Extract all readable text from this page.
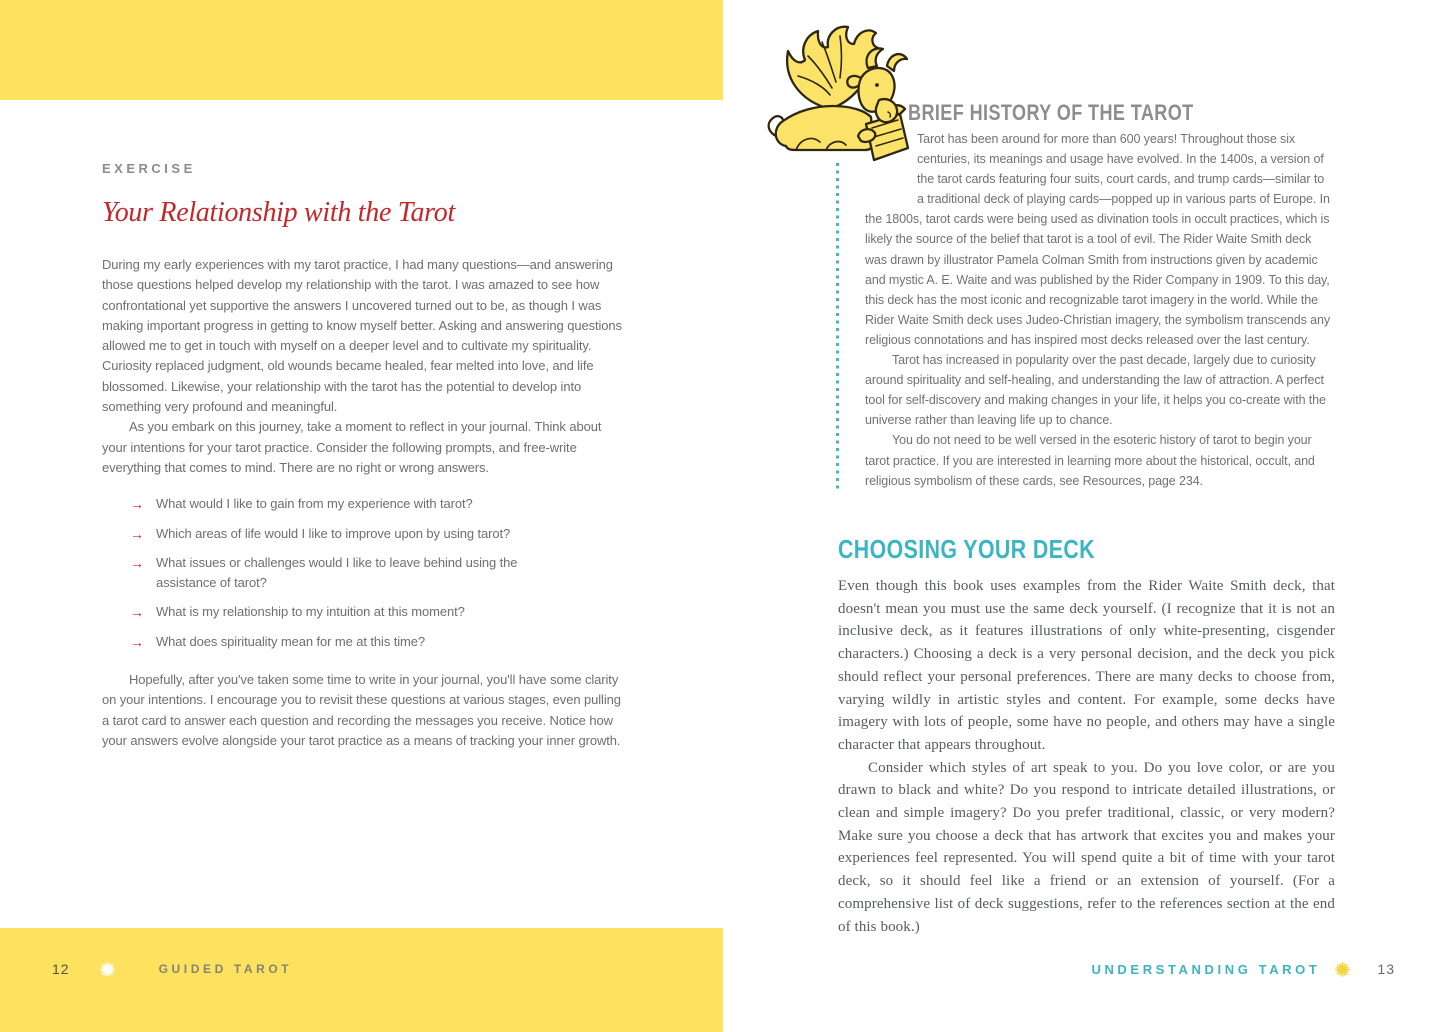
EXERCISE
Your Relationship with the Tarot

During my early experiences with my tarot practice, I had many questions—and answering those questions helped develop my relationship with the tarot. I was amazed to see how confrontational yet supportive the answers I uncovered turned out to be, as though I was making important progress in getting to know myself better. Asking and answering questions allowed me to get in touch with myself on a deeper level and to cultivate my spirituality. Curiosity replaced judgment, old wounds became healed, fear melted into love, and life blossomed. Likewise, your relationship with the tarot has the potential to develop into something very profound and meaningful.

As you embark on this journey, take a moment to reflect in your journal. Think about your intentions for your tarot practice. Consider the following prompts, and free-write everything that comes to mind. There are no right or wrong answers.

→ What would I like to gain from my experience with tarot?
→ Which areas of life would I like to improve upon by using tarot?
→ What issues or challenges would I like to leave behind using the assistance of tarot?
→ What is my relationship to my intuition at this moment?
→ What does spirituality mean for me at this time?

Hopefully, after you've taken some time to write in your journal, you'll have some clarity on your intentions. I encourage you to revisit these questions at various stages, even pulling a tarot card to answer each question and recording the messages you receive. Notice how your answers evolve alongside your tarot practice as a means of tracking your inner growth.

12	GUIDED TAROT
BRIEF HISTORY OF THE TAROT

Tarot has been around for more than 600 years! Throughout those six centuries, its meanings and usage have evolved. In the 1400s, a version of the tarot cards featuring four suits, court cards, and trump cards—similar to a traditional deck of playing cards—popped up in various parts of Europe. In the 1800s, tarot cards were being used as divination tools in occult practices, which is likely the source of the belief that tarot is a tool of evil. The Rider Waite Smith deck was drawn by illustrator Pamela Colman Smith from instructions given by academic and mystic A. E. Waite and was published by the Rider Company in 1909. To this day, this deck has the most iconic and recognizable tarot imagery in the world. While the Rider Waite Smith deck uses Judeo-Christian imagery, the symbolism transcends any religious connotations and has inspired most decks released over the last century.

Tarot has increased in popularity over the past decade, largely due to curiosity around spirituality and self-healing, and understanding the law of attraction. A perfect tool for self-discovery and making changes in your life, it helps you co-create with the universe rather than leaving life up to chance.

You do not need to be well versed in the esoteric history of tarot to begin your tarot practice. If you are interested in learning more about the historical, occult, and religious symbolism of these cards, see Resources, page 234.

CHOOSING YOUR DECK

Even though this book uses examples from the Rider Waite Smith deck, that doesn't mean you must use the same deck yourself. (I recognize that it is not an inclusive deck, as it features illustrations of only white-presenting, cisgender characters.) Choosing a deck is a very personal decision, and the deck you pick should reflect your personal preferences. There are many decks to choose from, varying wildly in artistic styles and content. For example, some decks have imagery with lots of people, some have no people, and others may have a single character that appears throughout.

Consider which styles of art speak to you. Do you love color, or are you drawn to black and white? Do you respond to intricate detailed illustrations, or clean and simple imagery? Do you prefer traditional, classic, or very modern? Make sure you choose a deck that has artwork that excites you and makes your experiences feel represented. You will spend quite a bit of time with your tarot deck, so it should feel like a friend or an extension of yourself. (For a comprehensive list of deck suggestions, refer to the references section at the end of this book.)

UNDERSTANDING TAROT	13
